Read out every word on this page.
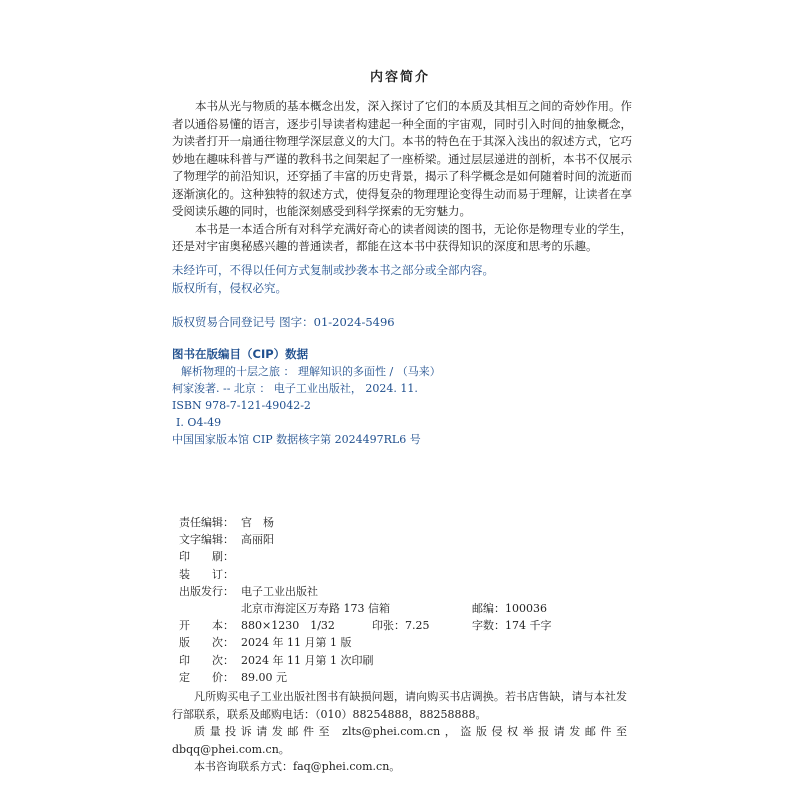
内容简介

本书从光与物质的基本概念出发，深入探讨了它们的本质及其相互之间的奇妙作用。作者以通俗易懂的语言，逐步引导读者构建起一种全面的宇宙观，同时引入时间的抽象概念，为读者打开一扇通往物理学深层意义的大门。本书的特色在于其深入浅出的叙述方式，它巧妙地在趣味科普与严谨的教科书之间架起了一座桥梁。通过层层递进的剖析，本书不仅展示了物理学的前沿知识，还穿插了丰富的历史背景，揭示了科学概念是如何随着时间的流逝而逐渐演化的。这种独特的叙述方式，使得复杂的物理理论变得生动而易于理解，让读者在享受阅读乐趣的同时，也能深刻感受到科学探索的无穷魅力。

本书是一本适合所有对科学充满好奇心的读者阅读的图书，无论你是物理专业的学生，还是对宇宙奥秘感兴趣的普通读者，都能在这本书中获得知识的深度和思考的乐趣。

未经许可，不得以任何方式复制或抄袭本书之部分或全部内容。
版权所有，侵权必究。
版权贸易合同登记号 图字：01-2024-5496
图书在版编目（CIP）数据
解析物理的十层之旅 ： 理解知识的多面性 / （马来）
柯家浚著. -- 北京 ： 电子工业出版社， 2024. 11.
ISBN 978-7-121-49042-2
Ⅰ. O4-49
中国国家版本馆 CIP 数据核字第 2024497RL6 号
责任编辑： 官　杨
文字编辑： 高丽阳
印　　刷：
装　　订：
出版发行： 电子工业出版社
北京市海淀区万寿路 173 信箱	邮编：100036
开　　本： 880×1230　1/32	印张：7.25	字数：174 千字
版　　次： 2024 年 11 月第 1 版
印　　次： 2024 年 11 月第 1 次印刷
定　　价： 89.00 元

凡所购买电子工业出版社图书有缺损问题，请向购买书店调换。若书店售缺，请与本社发行部联系，联系及邮购电话：（010）88254888，88258888。

质量投诉请发邮件至 zlts@phei.com.cn，盗版侵权举报请发邮件至 dbqq@phei.com.cn。

本书咨询联系方式：faq@phei.com.cn。
